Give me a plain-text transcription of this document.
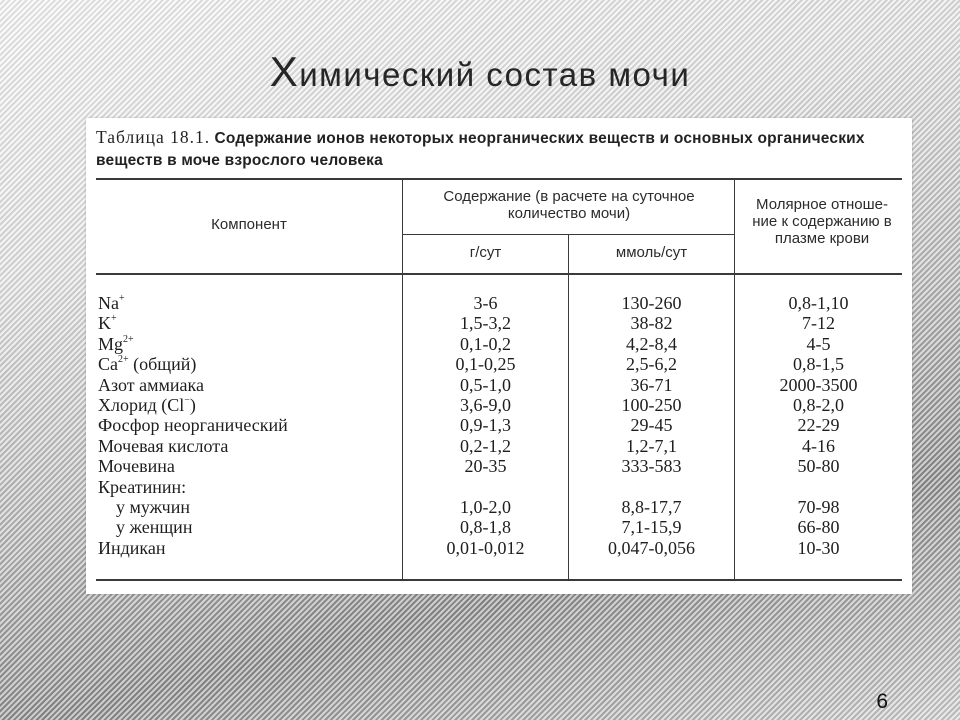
Химический состав мочи
Таблица 18.1. Содержание ионов некоторых неорганических веществ и основных органических веществ в моче взрослого человека
Компонент
Содержание (в расчете на суточное количество мочи)
г/сут	ммоль/сут
Молярное отноше- ние к содержанию в плазме крови
Na+
K+
$Mg^{2+}$
$Ca^{2+}$ (общий)
Азот аммиака
Хлорид (Cl−)
Фосфор неорганический
Мочевая кислота
Мочевина
Креатинин:
у мужчин
у женщин
Индикан
3-6
1,5-3,2
0,1-0,2
0,1-0,25
0,5-1,0
3,6-9,0
0,9-1,3
0,2-1,2
20-35
1,0-2,0
0,8-1,8
0,01-0,012
130-260
38-82
4,2-8,4
2,5-6,2
36-71
100-250
29-45
1,2-7,1
333-583
8,8-17,7
7,1-15,9
0,047-0,056
0,8-1,10
7-12
4-5
0,8-1,5
2000-3500
0,8-2,0
22-29
4-16
50-80
70-98
66-80
10-30
6
